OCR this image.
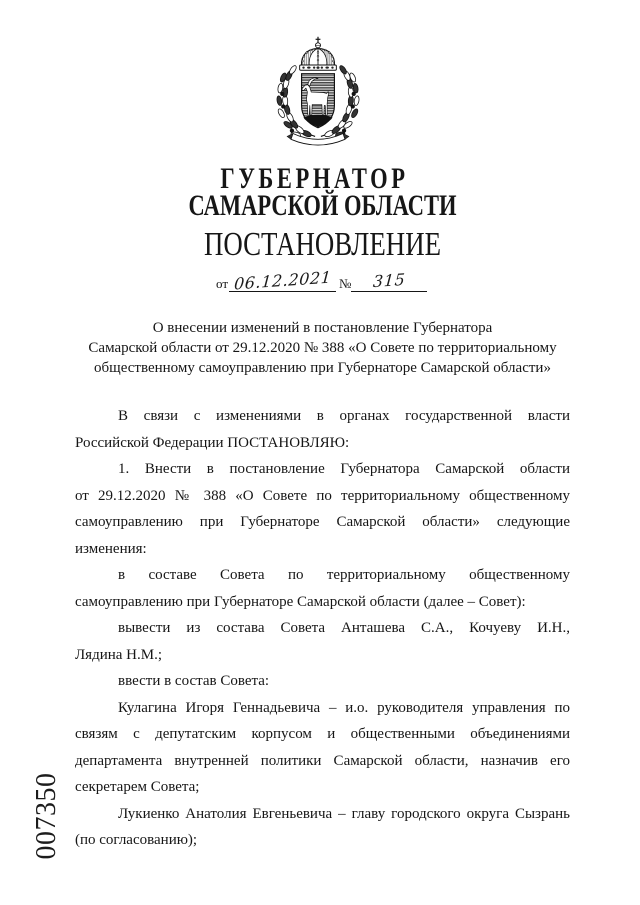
ГУБЕРНАТОР
САМАРСКОЙ ОБЛАСТИ
ПОСТАНОВЛЕНИЕ
от 06.12.2021 №	315
О внесении изменений в постановление Губернатора
Самарской области от 29.12.2020 № 388 «О Совете по территориальному
общественному самоуправлению при Губернаторе Самарской области»
В связи с изменениями в органах государственной власти
Российской Федерации ПОСТАНОВЛЯЮ:
1. Внести в постановление Губернатора Самарской области
от 29.12.2020 № 388 «О Совете по территориальному общественному
самоуправлению при Губернаторе Самарской области» следующие
изменения:
в составе Совета по территориальному общественному
самоуправлению при Губернаторе Самарской области (далее – Совет):
вывести из состава Совета Анташева С.А., Кочуеву И.Н.,
Лядина Н.М.;
ввести в состав Совета:
Кулагина Игоря Геннадьевича – и.о. руководителя управления по
связям с депутатским корпусом и общественными объединениями
департамента внутренней политики Самарской области, назначив его
секретарем Совета;
Лукиенко Анатолия Евгеньевича – главу городского округа Сызрань
(по согласованию);
007350
